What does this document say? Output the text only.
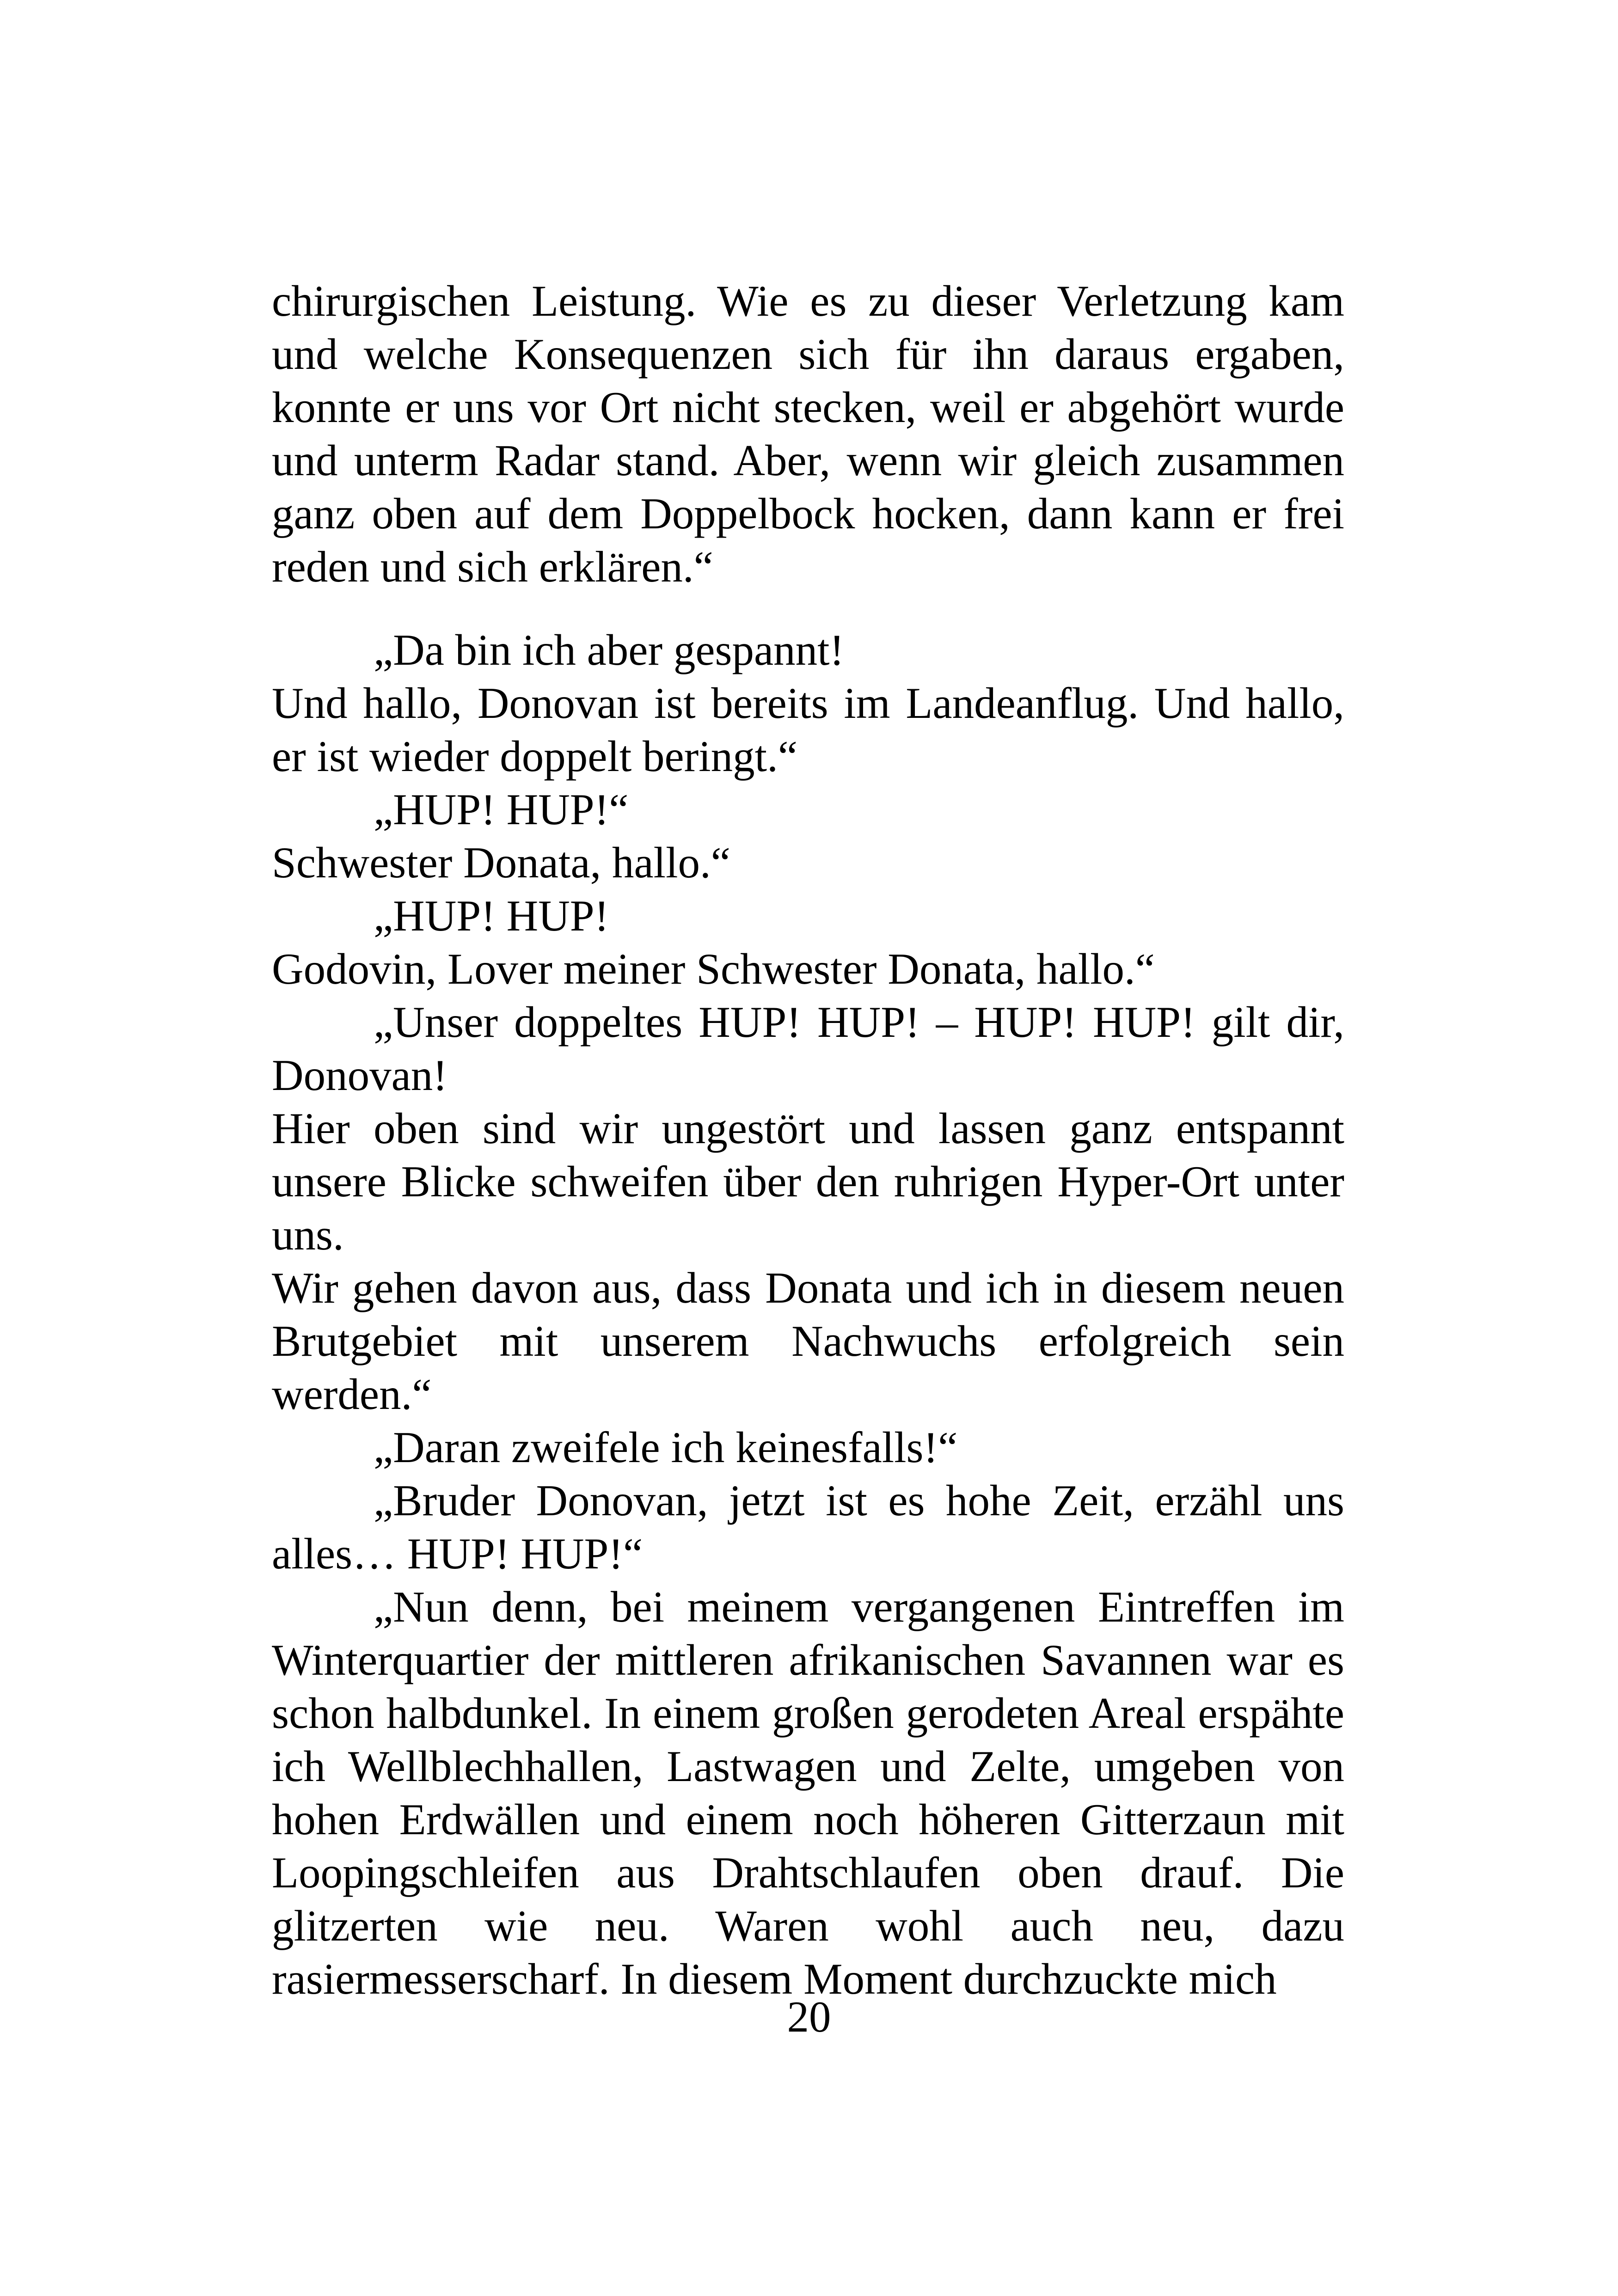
chirurgischen Leistung. Wie es zu dieser Verletzung kam und welche Konsequenzen sich für ihn daraus ergaben, konnte er uns vor Ort nicht stecken, weil er abgehört wurde und unterm Radar stand. Aber, wenn wir gleich zusammen ganz oben auf dem Doppelbock hocken, dann kann er frei reden und sich erklären.“

„Da bin ich aber gespannt!

Und hallo, Donovan ist bereits im Landeanflug. Und hallo, er ist wieder doppelt beringt.“

„HUP! HUP!“

Schwester Donata, hallo.“

„HUP! HUP!

Godovin, Lover meiner Schwester Donata, hallo.“

„Unser doppeltes HUP! HUP! – HUP! HUP! gilt dir, Donovan!

Hier oben sind wir ungestört und lassen ganz entspannt unsere Blicke schweifen über den ruhrigen Hyper-Ort unter uns.

Wir gehen davon aus, dass Donata und ich in diesem neuen Brutgebiet mit unserem Nachwuchs erfolgreich sein werden.“

„Daran zweifele ich keinesfalls!“

„Bruder Donovan, jetzt ist es hohe Zeit, erzähl uns alles… HUP! HUP!“

„Nun denn, bei meinem vergangenen Eintreffen im Winterquartier der mittleren afrikanischen Savannen war es schon halbdunkel. In einem großen gerodeten Areal erspähte ich Wellblechhallen, Lastwagen und Zelte, umgeben von hohen Erdwällen und einem noch höheren Gitterzaun mit Loopingschleifen aus Drahtschlaufen oben drauf. Die glitzerten wie neu. Waren wohl auch neu, dazu rasiermesserscharf. In diesem Moment durchzuckte mich

20
